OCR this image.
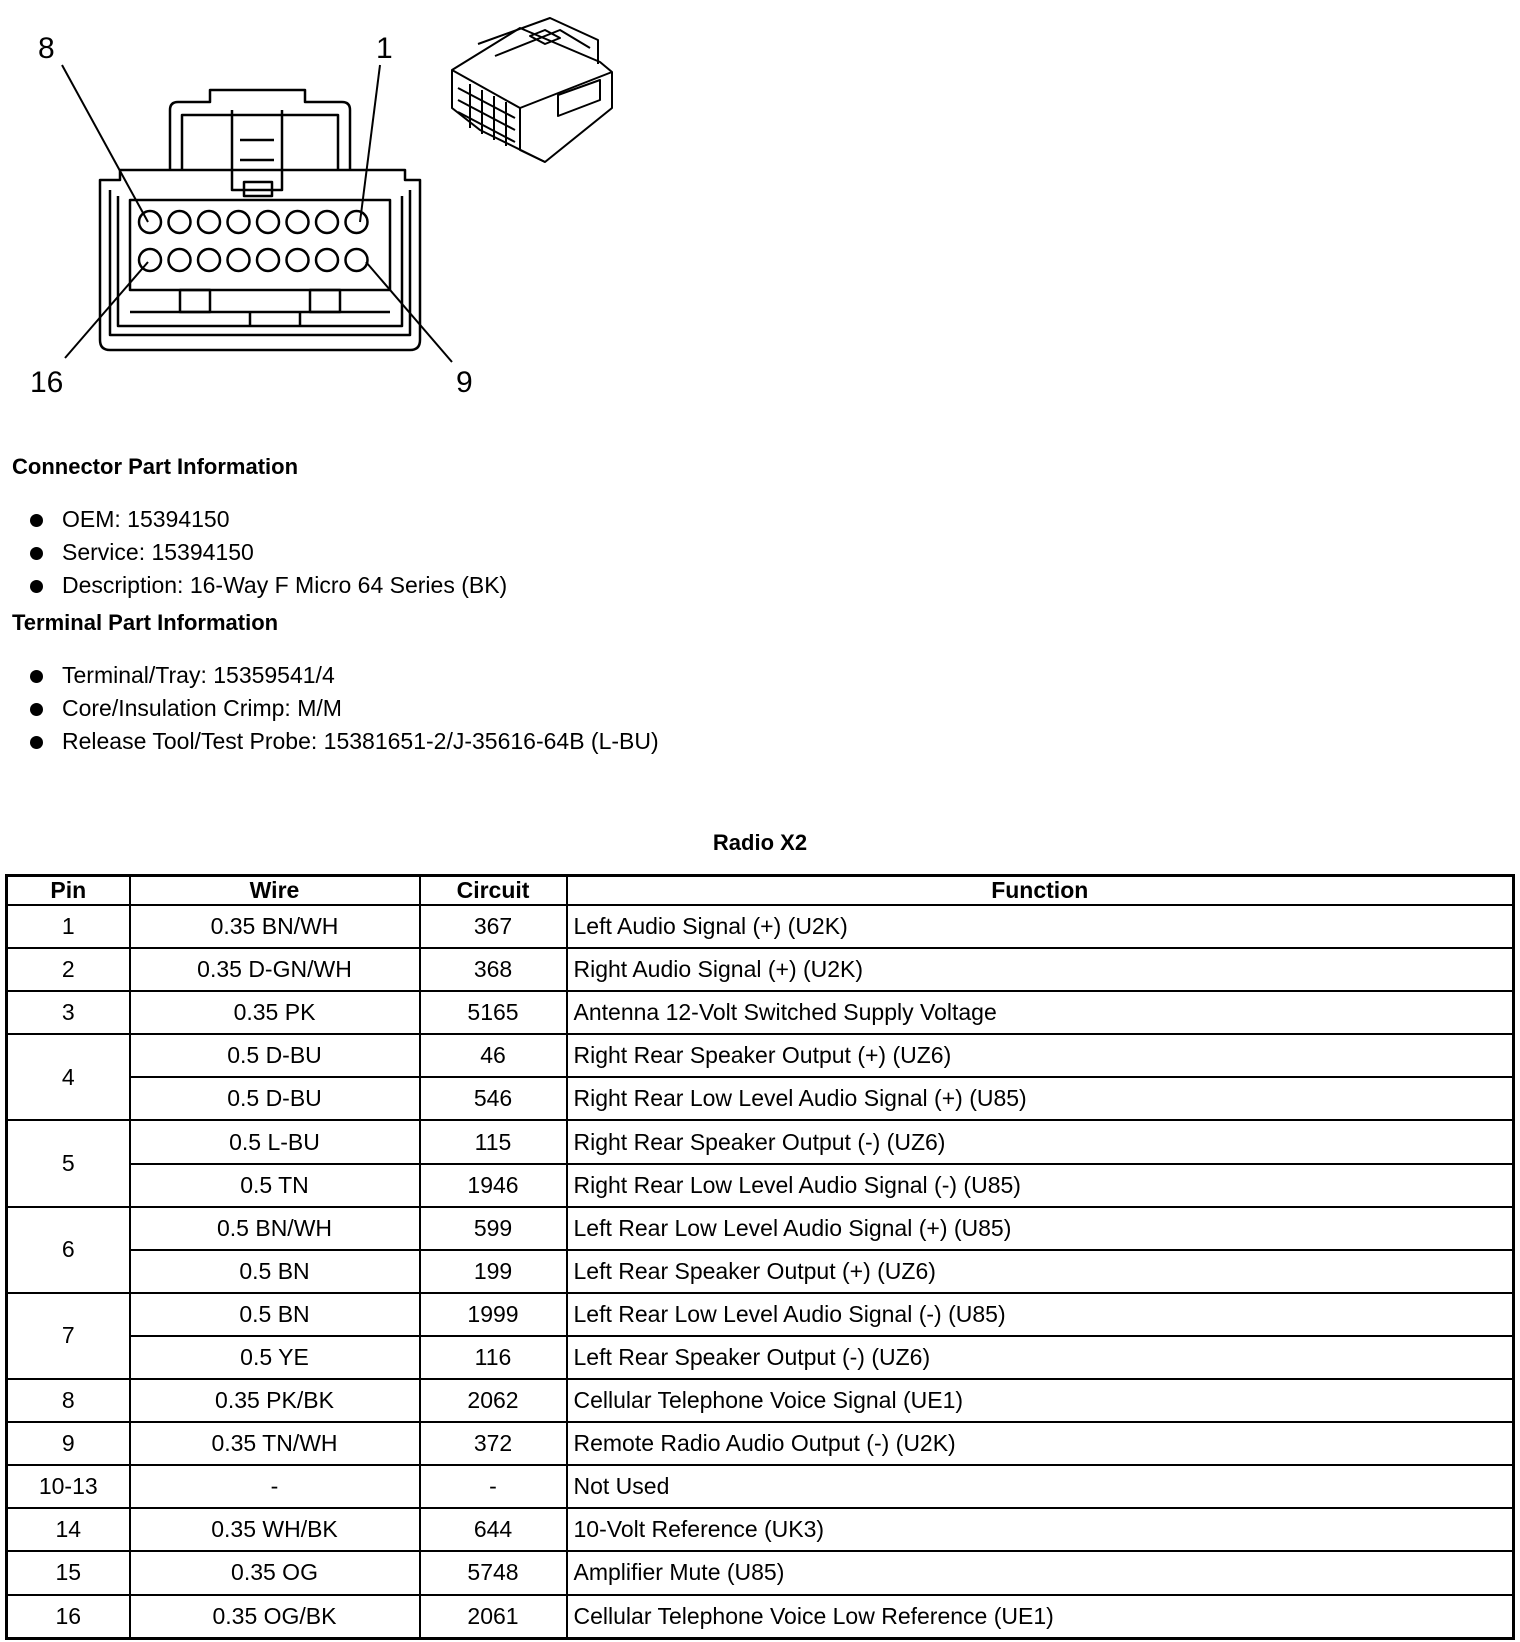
8	1
16	9
Connector Part Information
OEM: 15394150
Service: 15394150
Description: 16-Way F Micro 64 Series (BK)
Terminal Part Information
Terminal/Tray: 15359541/4
Core/Insulation Crimp: M/M
Release Tool/Test Probe: 15381651-2/J-35616-64B (L-BU)
Radio X2
Pin	Wire	Circuit	Function
1	0.35 BN/WH	367	Left Audio Signal (+) (U2K)
2	0.35 D-GN/WH	368	Right Audio Signal (+) (U2K)
3	0.35 PK	5165	Antenna 12-Volt Switched Supply Voltage
4	0.5 D-BU	46	Right Rear Speaker Output (+) (UZ6)
	0.5 D-BU	546	Right Rear Low Level Audio Signal (+) (U85)
5	0.5 L-BU	115	Right Rear Speaker Output (-) (UZ6)
	0.5 TN	1946	Right Rear Low Level Audio Signal (-) (U85)
6	0.5 BN/WH	599	Left Rear Low Level Audio Signal (+) (U85)
	0.5 BN	199	Left Rear Speaker Output (+) (UZ6)
7	0.5 BN	1999	Left Rear Low Level Audio Signal (-) (U85)
	0.5 YE	116	Left Rear Speaker Output (-) (UZ6)
8	0.35 PK/BK	2062	Cellular Telephone Voice Signal (UE1)
9	0.35 TN/WH	372	Remote Radio Audio Output (-) (U2K)
10-13	-	-	Not Used
14	0.35 WH/BK	644	10-Volt Reference (UK3)
15	0.35 OG	5748	Amplifier Mute (U85)
16	0.35 OG/BK	2061	Cellular Telephone Voice Low Reference (UE1)
